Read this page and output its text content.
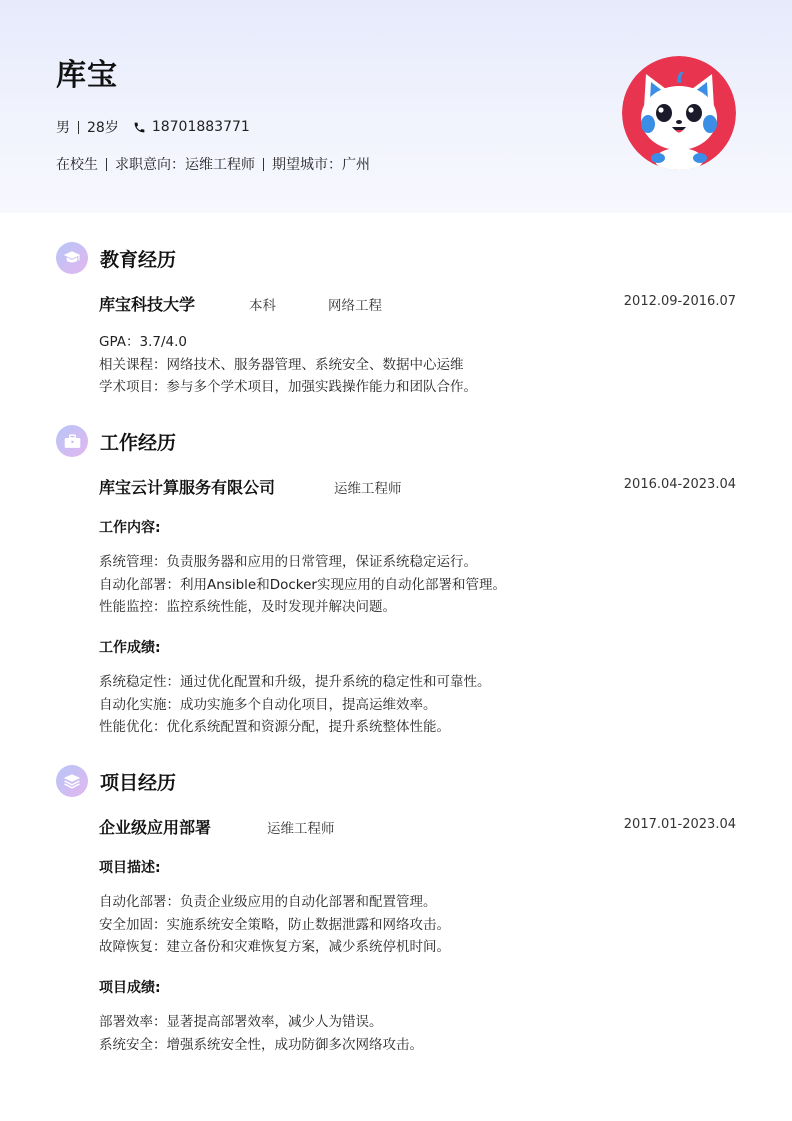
库宝
男 28岁 18701883771
在校生 求职意向：运维工程师 期望城市：广州
教育经历
库宝科技大学	本科	网络工程	2012.09-2016.07
GPA：3.7/4.0
相关课程：网络技术、服务器管理、系统安全、数据中心运维
学术项目：参与多个学术项目，加强实践操作能力和团队合作。
工作经历
库宝云计算服务有限公司	运维工程师	2016.04-2023.04
工作内容:
系统管理：负责服务器和应用的日常管理，保证系统稳定运行。
自动化部署：利用Ansible和Docker实现应用的自动化部署和管理。
性能监控：监控系统性能，及时发现并解决问题。
工作成绩:
系统稳定性：通过优化配置和升级，提升系统的稳定性和可靠性。
自动化实施：成功实施多个自动化项目，提高运维效率。
性能优化：优化系统配置和资源分配，提升系统整体性能。
项目经历
企业级应用部署	运维工程师	2017.01-2023.04
项目描述:
自动化部署：负责企业级应用的自动化部署和配置管理。
安全加固：实施系统安全策略，防止数据泄露和网络攻击。
故障恢复：建立备份和灾难恢复方案，减少系统停机时间。
项目成绩:
部署效率：显著提高部署效率，减少人为错误。
系统安全：增强系统安全性，成功防御多次网络攻击。
